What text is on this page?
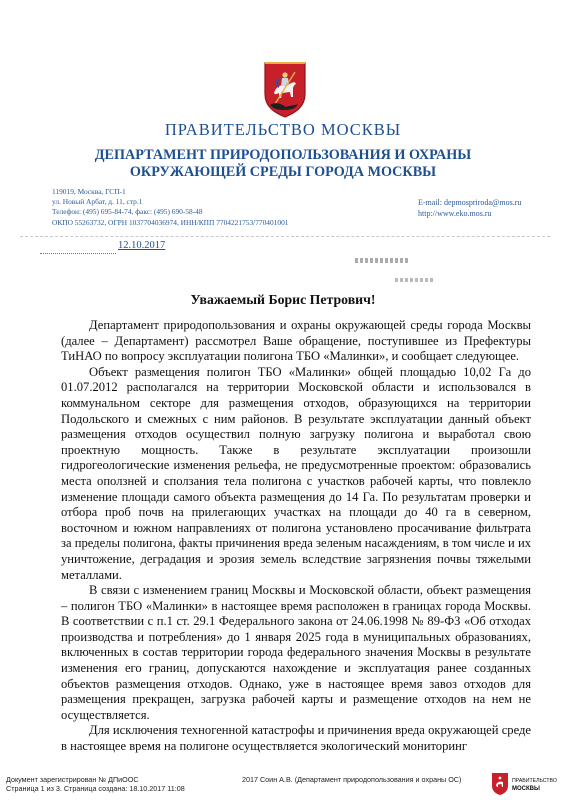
ПРАВИТЕЛЬСТВО МОСКВЫ
ДЕПАРТАМЕНТ ПРИРОДОПОЛЬЗОВАНИЯ И ОХРАНЫ
ОКРУЖАЮЩЕЙ СРЕДЫ ГОРОДА МОСКВЫ
119019, Москва, ГСП-1
ул. Новый Арбат, д. 11, стр.1
Телефон: (495) 695-84-74, факс: (495) 690-58-48
ОКПО 55263732, ОГРН 1037704036974, ИНН/КПП 7704221753/770401001
E-mail: depmospriroda@mos.ru
http://www.eko.mos.ru
12.10.2017
Уважаемый Борис Петрович!

Департамент природопользования и охраны окружающей среды города Москвы (далее – Департамент) рассмотрел Ваше обращение, поступившее из Префектуры ТиНАО по вопросу эксплуатации полигона ТБО «Малинки», и сообщает следующее.

Объект размещения полигон ТБО «Малинки» общей площадью 10,02 Га до 01.07.2012 располагался на территории Московской области и использовался в коммунальном секторе для размещения отходов, образующихся на территории Подольского и смежных с ним районов. В результате эксплуатации данный объект размещения отходов осуществил полную загрузку полигона и выработал свою проектную мощность. Также в результате эксплуатации произошли гидрогеологические изменения рельефа, не предусмотренные проектом: образовались места оползней и сползания тела полигона с участков рабочей карты, что повлекло изменение площади самого объекта размещения до 14 Га. По результатам проверки и отбора проб почв на прилегающих участках на площади до 40 га в северном, восточном и южном направлениях от полигона установлено просачивание фильтрата за пределы полигона, факты причинения вреда зеленым насаждениям, в том числе и их уничтожение, деградация и эрозия земель вследствие загрязнения почвы тяжелыми металлами.

В связи с изменением границ Москвы и Московской области, объект размещения – полигон ТБО «Малинки» в настоящее время расположен в границах города Москвы. В соответствии с п.1 ст. 29.1 Федерального закона от 24.06.1998 № 89-ФЗ «Об отходах производства и потребления» до 1 января 2025 года в муниципальных образованиях, включенных в состав территории города федерального значения Москвы в результате изменения его границ, допускаются нахождение и эксплуатация ранее созданных объектов размещения отходов. Однако, уже в настоящее время завоз отходов для размещения прекращен, загрузка рабочей карты и размещение отходов на нем не осуществляется.

Для исключения техногенной катастрофы и причинения вреда окружающей среде в настоящее время на полигоне осуществляется экологический мониторинг

Документ зарегистрирован № ДПиООС
Страница 1 из 3. Страница создана: 18.10.2017 11:08
2017 Соин А.В. (Департамент природопользования и охраны ОС)	ПРАВИТЕЛЬСТВО
МОСКВЫ
